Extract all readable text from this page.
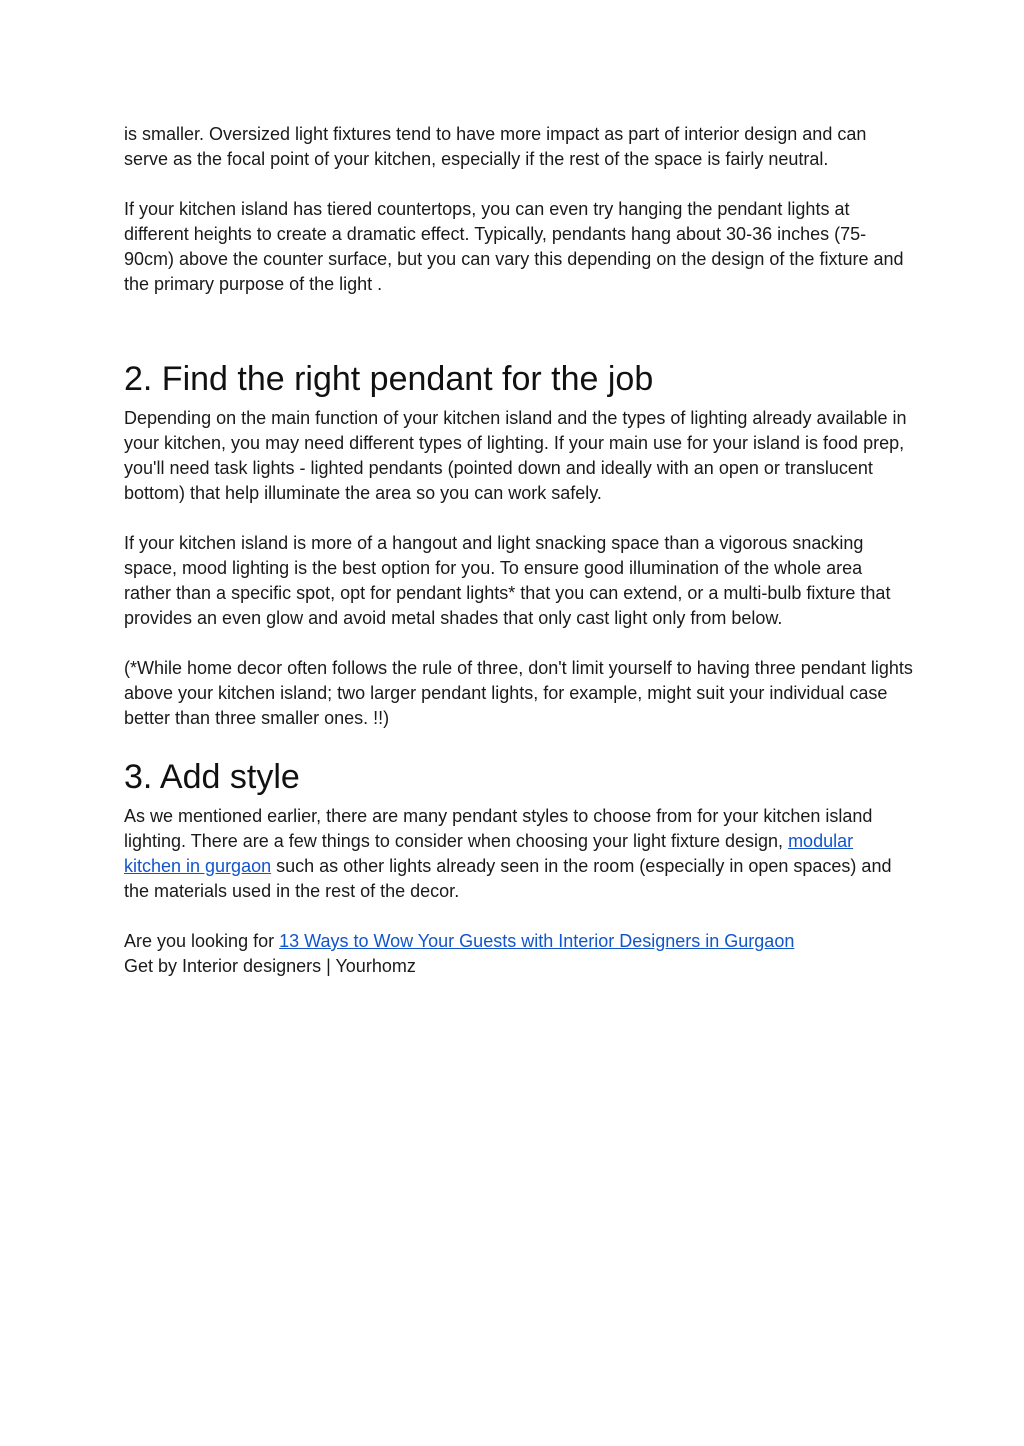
is smaller. Oversized light fixtures tend to have more impact as part of interior design and can serve as the focal point of your kitchen, especially if the rest of the space is fairly neutral.

If your kitchen island has tiered countertops, you can even try hanging the pendant lights at different heights to create a dramatic effect. Typically, pendants hang about 30-36 inches (75-90cm) above the counter surface, but you can vary this depending on the design of the fixture and the primary purpose of the light .

2. Find the right pendant for the job

Depending on the main function of your kitchen island and the types of lighting already available in your kitchen, you may need different types of lighting. If your main use for your island is food prep, you'll need task lights - lighted pendants (pointed down and ideally with an open or translucent bottom) that help illuminate the area so you can work safely.

If your kitchen island is more of a hangout and light snacking space than a vigorous snacking space, mood lighting is the best option for you. To ensure good illumination of the whole area rather than a specific spot, opt for pendant lights* that you can extend, or a multi-bulb fixture that provides an even glow and avoid metal shades that only cast light only from below.

(*While home decor often follows the rule of three, don't limit yourself to having three pendant lights above your kitchen island; two larger pendant lights, for example, might suit your individual case better than three smaller ones. !!)

3. Add style

As we mentioned earlier, there are many pendant styles to choose from for your kitchen island lighting. There are a few things to consider when choosing your light fixture design, modular kitchen in gurgaon such as other lights already seen in the room (especially in open spaces) and the materials used in the rest of the decor.

Are you looking for 13 Ways to Wow Your Guests with Interior Designers in Gurgaon

Get by Interior designers | Yourhomz
